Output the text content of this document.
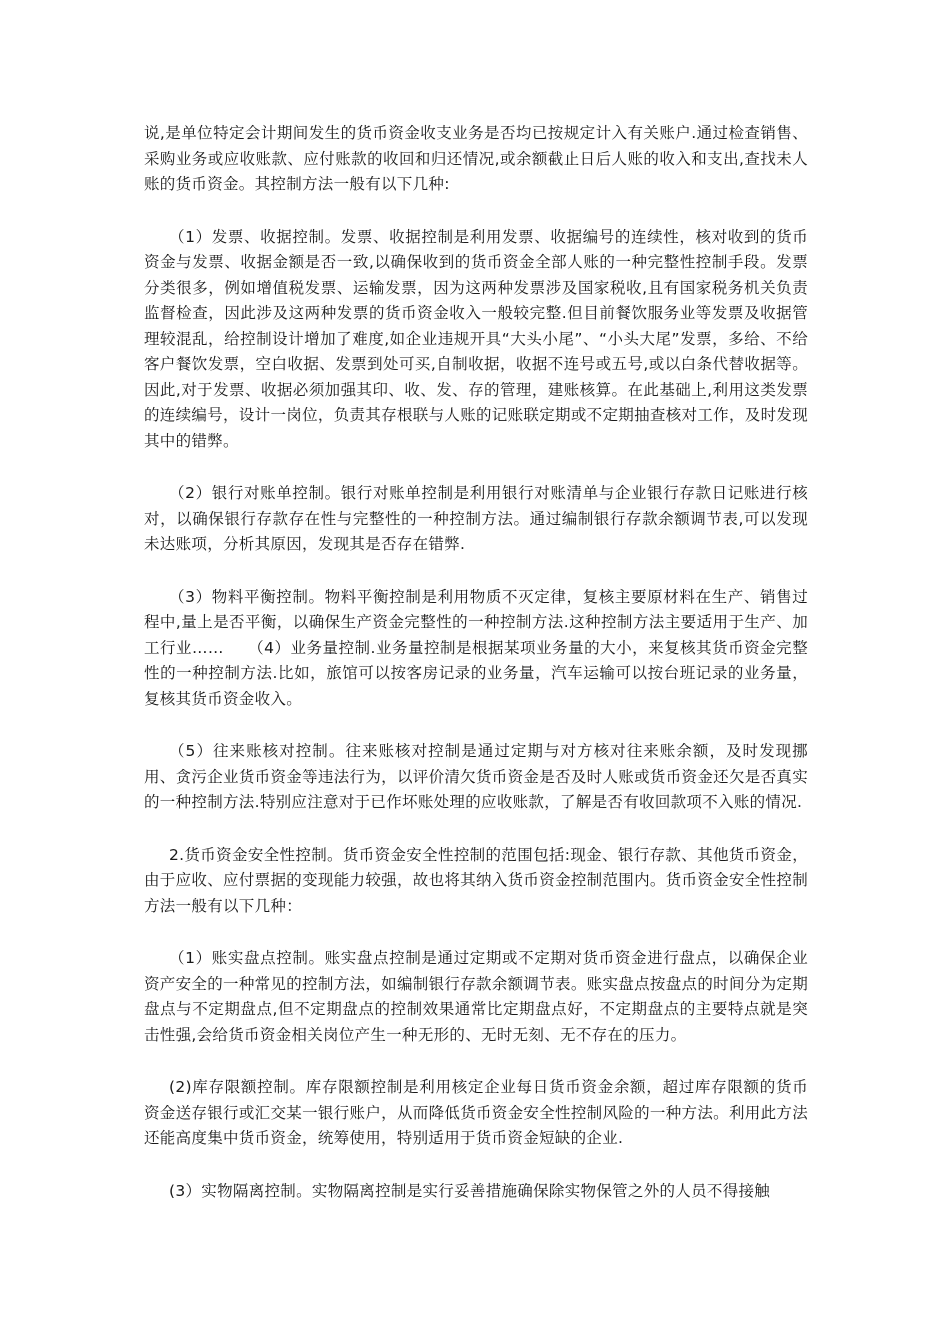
说,是单位特定会计期间发生的货币资金收支业务是否均已按规定计入有关账户.通过检查销售、采购业务或应收账款、应付账款的收回和归还情况,或余额截止日后人账的收入和支出,查找未人账的货币资金。其控制方法一般有以下几种:

（1）发票、收据控制。发票、收据控制是利用发票、收据编号的连续性，核对收到的货币资金与发票、收据金额是否一致,以确保收到的货币资金全部人账的一种完整性控制手段。发票分类很多，例如增值税发票、运输发票，因为这两种发票涉及国家税收,且有国家税务机关负责监督检查，因此涉及这两种发票的货币资金收入一般较完整.但目前餐饮服务业等发票及收据管理较混乱，给控制设计增加了难度,如企业违规开具“大头小尾”、“小头大尾”发票，多给、不给客户餐饮发票，空白收据、发票到处可买,自制收据，收据不连号或五号,或以白条代替收据等。因此,对于发票、收据必须加强其印、收、发、存的管理，建账核算。在此基础上,利用这类发票的连续编号，设计一岗位，负责其存根联与人账的记账联定期或不定期抽查核对工作，及时发现其中的错弊。

（2）银行对账单控制。银行对账单控制是利用银行对账清单与企业银行存款日记账进行核对，以确保银行存款存在性与完整性的一种控制方法。通过编制银行存款余额调节表,可以发现未达账项，分析其原因，发现其是否存在错弊.

（3）物料平衡控制。物料平衡控制是利用物质不灭定律，复核主要原材料在生产、销售过程中,量上是否平衡，以确保生产资金完整性的一种控制方法.这种控制方法主要适用于生产、加工行业……　　（4）业务量控制.业务量控制是根据某项业务量的大小，来复核其货币资金完整性的一种控制方法.比如，旅馆可以按客房记录的业务量，汽车运输可以按台班记录的业务量，复核其货币资金收入。

（5）往来账核对控制。往来账核对控制是通过定期与对方核对往来账余额，及时发现挪用、贪污企业货币资金等违法行为，以评价清欠货币资金是否及时人账或货币资金还欠是否真实的一种控制方法.特别应注意对于已作坏账处理的应收账款，了解是否有收回款项不入账的情况.

2.货币资金安全性控制。货币资金安全性控制的范围包括:现金、银行存款、其他货币资金，由于应收、应付票据的变现能力较强，故也将其纳入货币资金控制范围内。货币资金安全性控制方法一般有以下几种：

（1）账实盘点控制。账实盘点控制是通过定期或不定期对货币资金进行盘点，以确保企业资产安全的一种常见的控制方法，如编制银行存款余额调节表。账实盘点按盘点的时间分为定期盘点与不定期盘点,但不定期盘点的控制效果通常比定期盘点好，不定期盘点的主要特点就是突击性强,会给货币资金相关岗位产生一种无形的、无时无刻、无不存在的压力。

(2)库存限额控制。库存限额控制是利用核定企业每日货币资金余额，超过库存限额的货币资金送存银行或汇交某一银行账户，从而降低货币资金安全性控制风险的一种方法。利用此方法还能高度集中货币资金，统筹使用，特别适用于货币资金短缺的企业.

(3）实物隔离控制。实物隔离控制是实行妥善措施确保除实物保管之外的人员不得接触
